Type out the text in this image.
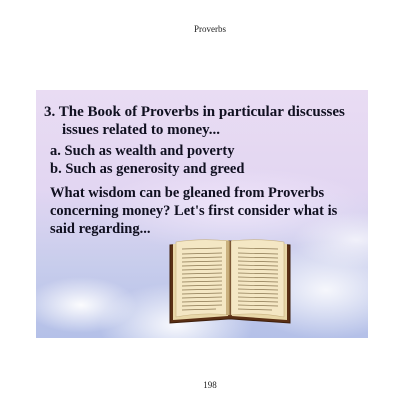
Proverbs
3. The Book of Proverbs in particular discusses
issues related to money...
a. Such as wealth and poverty
b. Such as generosity and greed
What wisdom can be gleaned from Proverbs
concerning money? Let's first consider what is
said regarding...
198
